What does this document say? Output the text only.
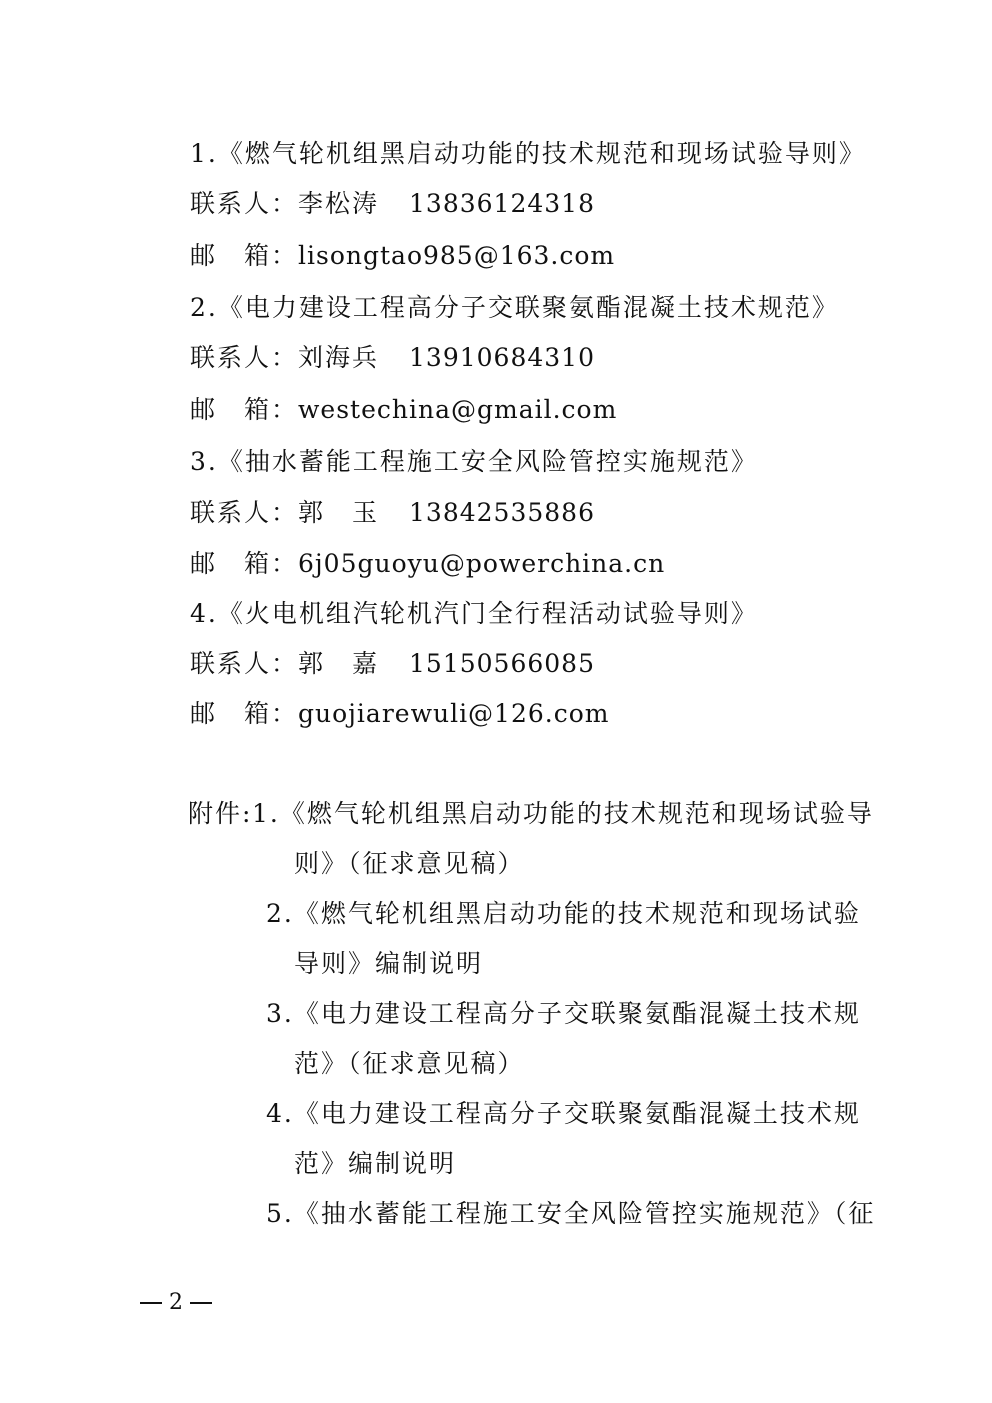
1.《燃气轮机组黑启动功能的技术规范和现场试验导则》
联系人：李松涛 13836124318
邮　箱：lisongtao985@163.com
2.《电力建设工程高分子交联聚氨酯混凝土技术规范》
联系人：刘海兵 13910684310
邮　箱：westechina@gmail.com
3.《抽水蓄能工程施工安全风险管控实施规范》
联系人：郭　玉 13842535886
邮　箱：6j05guoyu@powerchina.cn
4.《火电机组汽轮机汽门全行程活动试验导则》
联系人：郭　嘉 15150566085
邮　箱：guojiarewuli@126.com
附件: 1.《燃气轮机组黑启动功能的技术规范和现场试验导
则》（征求意见稿）
2.《燃气轮机组黑启动功能的技术规范和现场试验
导则》编制说明
3.《电力建设工程高分子交联聚氨酯混凝土技术规
范》（征求意见稿）
4.《电力建设工程高分子交联聚氨酯混凝土技术规
范》编制说明
5.《抽水蓄能工程施工安全风险管控实施规范》（征
2
